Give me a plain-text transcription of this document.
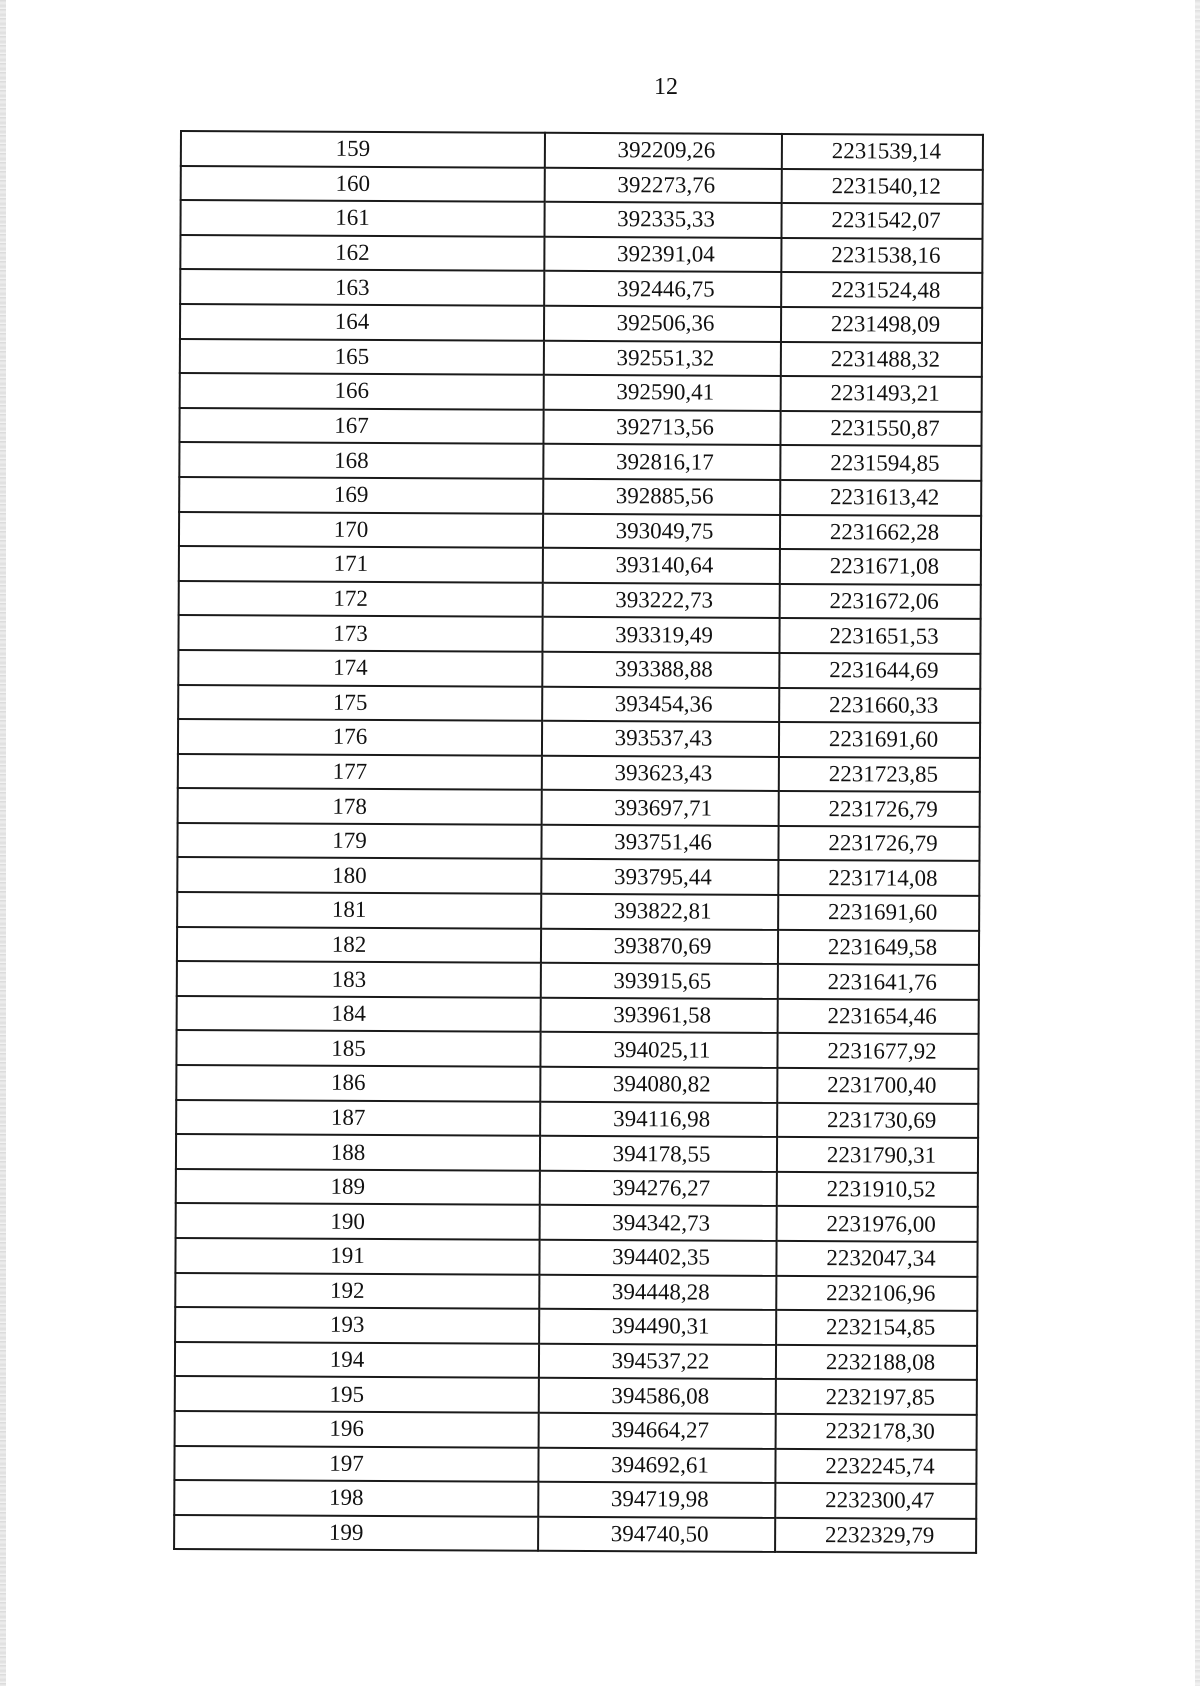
12
159	392209,26	2231539,14
160	392273,76	2231540,12
161	392335,33	2231542,07
162	392391,04	2231538,16
163	392446,75	2231524,48
164	392506,36	2231498,09
165	392551,32	2231488,32
166	392590,41	2231493,21
167	392713,56	2231550,87
168	392816,17	2231594,85
169	392885,56	2231613,42
170	393049,75	2231662,28
171	393140,64	2231671,08
172	393222,73	2231672,06
173	393319,49	2231651,53
174	393388,88	2231644,69
175	393454,36	2231660,33
176	393537,43	2231691,60
177	393623,43	2231723,85
178	393697,71	2231726,79
179	393751,46	2231726,79
180	393795,44	2231714,08
181	393822,81	2231691,60
182	393870,69	2231649,58
183	393915,65	2231641,76
184	393961,58	2231654,46
185	394025,11	2231677,92
186	394080,82	2231700,40
187	394116,98	2231730,69
188	394178,55	2231790,31
189	394276,27	2231910,52
190	394342,73	2231976,00
191	394402,35	2232047,34
192	394448,28	2232106,96
193	394490,31	2232154,85
194	394537,22	2232188,08
195	394586,08	2232197,85
196	394664,27	2232178,30
197	394692,61	2232245,74
198	394719,98	2232300,47
199	394740,50	2232329,79
